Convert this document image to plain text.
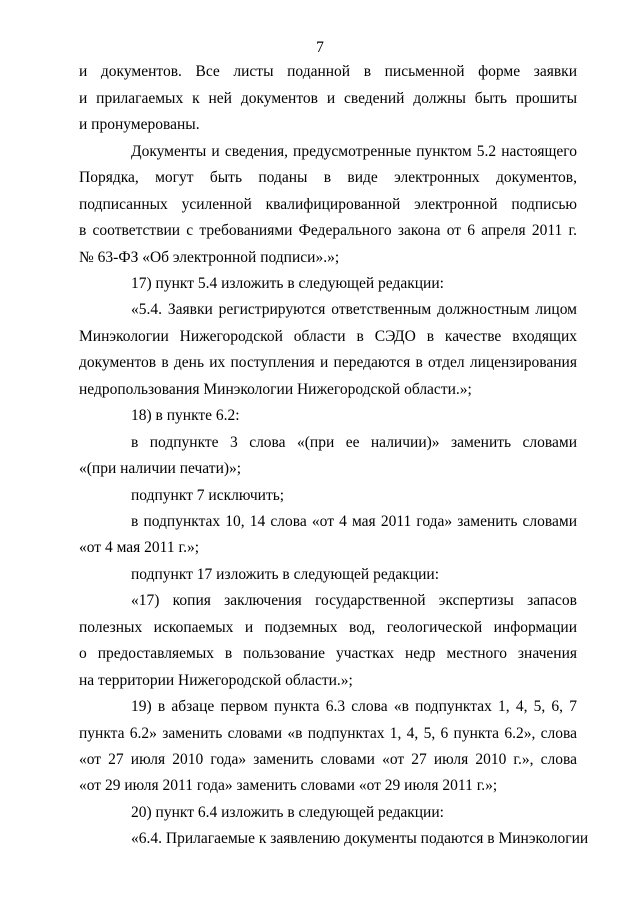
7
и документов. Все листы поданной в письменной форме заявки
и прилагаемых к ней документов и сведений должны быть прошиты
и пронумерованы.
Документы и сведения, предусмотренные пунктом 5.2 настоящего
Порядка, могут быть поданы в виде электронных документов,
подписанных усиленной квалифицированной электронной подписью
в соответствии с требованиями Федерального закона от 6 апреля 2011 г.
№ 63-ФЗ «Об электронной подписи».»;
17) пункт 5.4 изложить в следующей редакции:
«5.4. Заявки регистрируются ответственным должностным лицом
Минэкологии Нижегородской области в СЭДО в качестве входящих
документов в день их поступления и передаются в отдел лицензирования
недропользования Минэкологии Нижегородской области.»;
18) в пункте 6.2:
в подпункте 3 слова «(при ее наличии)» заменить словами
«(при наличии печати)»;
подпункт 7 исключить;
в подпунктах 10, 14 слова «от 4 мая 2011 года» заменить словами
«от 4 мая 2011 г.»;
подпункт 17 изложить в следующей редакции:
«17) копия заключения государственной экспертизы запасов
полезных ископаемых и подземных вод, геологической информации
о предоставляемых в пользование участках недр местного значения
на территории Нижегородской области.»;
19) в абзаце первом пункта 6.3 слова «в подпунктах 1, 4, 5, 6, 7
пункта 6.2» заменить словами «в подпунктах 1, 4, 5, 6 пункта 6.2», слова
«от 27 июля 2010 года» заменить словами «от 27 июля 2010 г.», слова
«от 29 июля 2011 года» заменить словами «от 29 июля 2011 г.»;
20) пункт 6.4 изложить в следующей редакции:
«6.4. Прилагаемые к заявлению документы подаются в Минэкологии
